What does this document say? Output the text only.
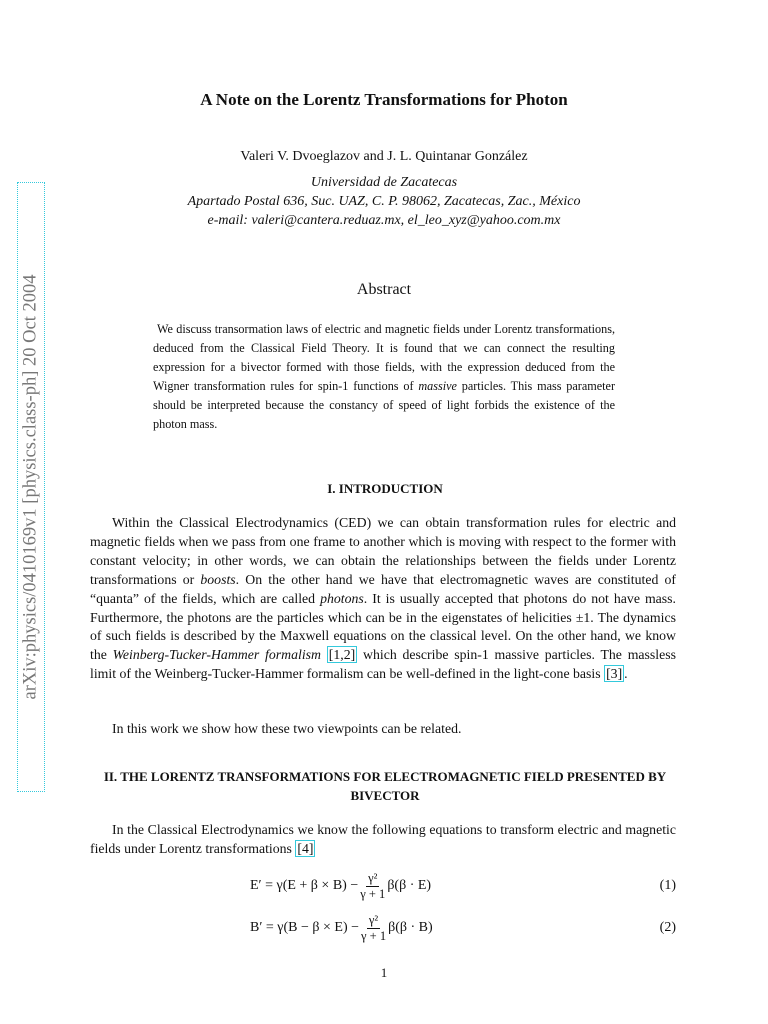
arXiv:physics/0410169v1 [physics.class-ph] 20 Oct 2004
A Note on the Lorentz Transformations for Photon
Valeri V. Dvoeglazov and J. L. Quintanar González
Universidad de Zacatecas
Apartado Postal 636, Suc. UAZ, C. P. 98062, Zacatecas, Zac., México
e-mail: valeri@cantera.reduaz.mx, el_leo_xyz@yahoo.com.mx
Abstract
We discuss transormation laws of electric and magnetic fields under Lorentz transformations, deduced from the Classical Field Theory. It is found that we can connect the resulting expression for a bivector formed with those fields, with the expression deduced from the Wigner transformation rules for spin-1 functions of massive particles. This mass parameter should be interpreted because the constancy of speed of light forbids the existence of the photon mass.
I. INTRODUCTION
Within the Classical Electrodynamics (CED) we can obtain transformation rules for electric and magnetic fields when we pass from one frame to another which is moving with respect to the former with constant velocity; in other words, we can obtain the relationships between the fields under Lorentz transformations or boosts. On the other hand we have that electromagnetic waves are constituted of “quanta” of the fields, which are called photons. It is usually accepted that photons do not have mass. Furthermore, the photons are the particles which can be in the eigenstates of helicities ±1. The dynamics of such fields is described by the Maxwell equations on the classical level. On the other hand, we know the Weinberg-Tucker-Hammer formalism [1,2] which describe spin-1 massive particles. The massless limit of the Weinberg-Tucker-Hammer formalism can be well-defined in the light-cone basis [3] .
In this work we show how these two viewpoints can be related.
II. THE LORENTZ TRANSFORMATIONS FOR ELECTROMAGNETIC FIELD PRESENTED BY BIVECTOR
In the Classical Electrodynamics we know the following equations to transform electric and magnetic fields under Lorentz transformations [4]
$E' = \gamma(E + \beta \times B) - \frac{\text{γ²}}{\gamma + 1} \beta(\beta \cdot E)$	(1)
$B' = \gamma(B - \beta \times E) - \frac{\text{γ²}}{\gamma + 1} \beta(\beta \cdot B)$	(2)
1
